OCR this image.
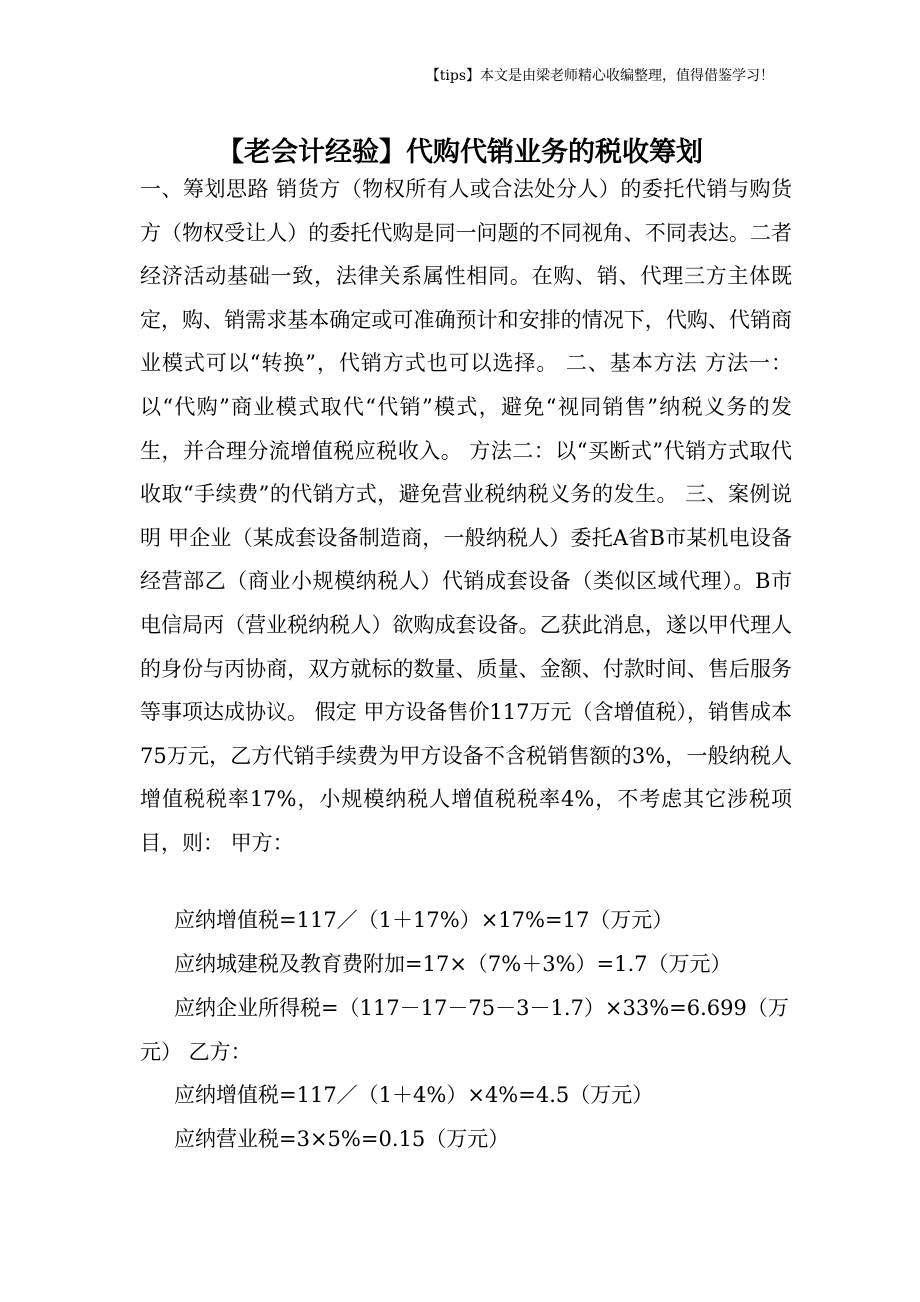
【tips】本文是由梁老师精心收编整理，值得借鉴学习！
【老会计经验】代购代销业务的税收筹划

一、筹划思路 销货方（物权所有人或合法处分人）的委托代销与购货方（物权受让人）的委托代购是同一问题的不同视角、不同表达。二者经济活动基础一致，法律关系属性相同。在购、销、代理三方主体既定，购、销需求基本确定或可准确预计和安排的情况下，代购、代销商业模式可以“转换”，代销方式也可以选择。 二、基本方法 方法一：以“代购”商业模式取代“代销”模式，避免“视同销售”纳税义务的发生，并合理分流增值税应税收入。 方法二：以“买断式”代销方式取代收取“手续费”的代销方式，避免营业税纳税义务的发生。 三、案例说明 甲企业（某成套设备制造商，一般纳税人）委托A省B市某机电设备经营部乙（商业小规模纳税人）代销成套设备（类似区域代理）。B市电信局丙（营业税纳税人）欲购成套设备。乙获此消息，遂以甲代理人的身份与丙协商，双方就标的数量、质量、金额、付款时间、售后服务等事项达成协议。 假定 甲方设备售价117万元（含增值税），销售成本75万元，乙方代销手续费为甲方设备不含税销售额的3%，一般纳税人增值税税率17%，小规模纳税人增值税税率4%，不考虑其它涉税项目，则： 甲方：

应纳增值税=117／（1＋17%）×17%=17（万元）

应纳城建税及教育费附加=17×（7%＋3%）=1.7（万元）

应纳企业所得税=（117－17－75－3－1.7）×33%=6.699（万元） 乙方：

应纳增值税=117／（1＋4%）×4%=4.5（万元）

应纳营业税=3×5%=0.15（万元）
